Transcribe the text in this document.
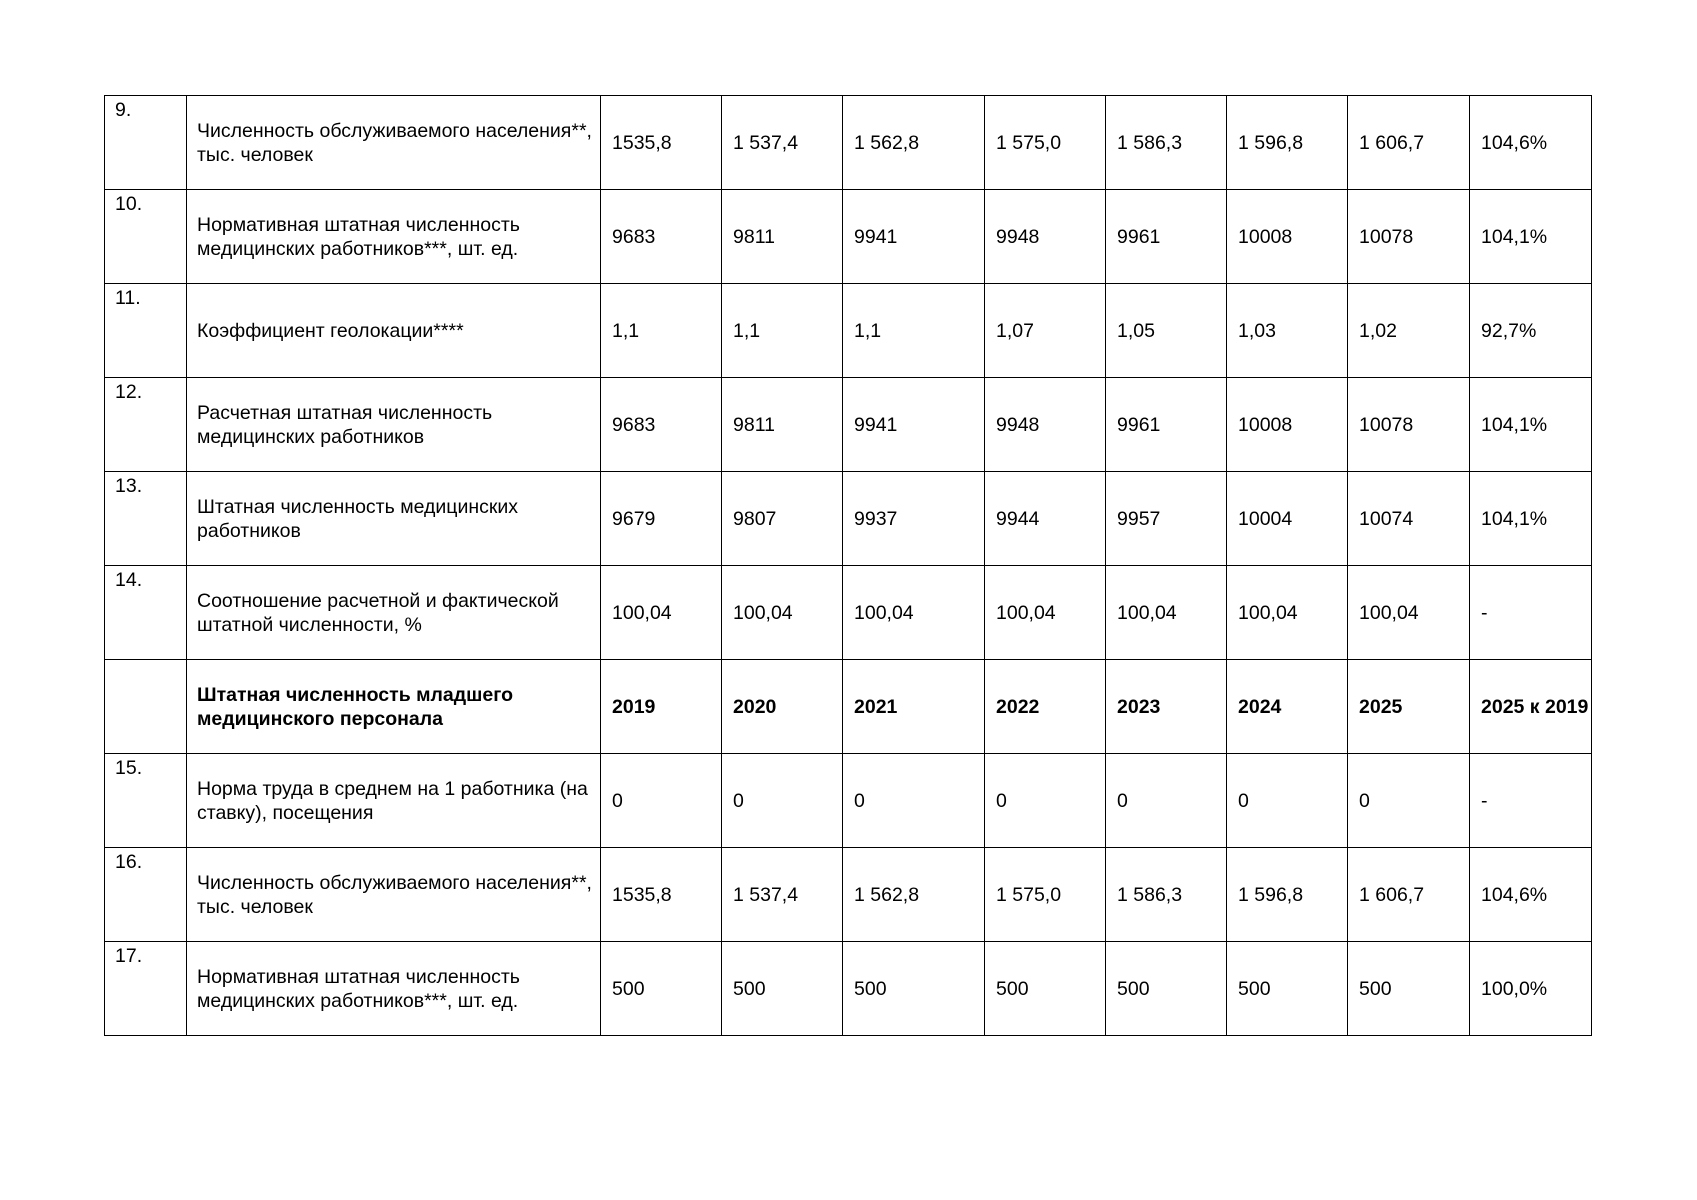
9.	Численность обслуживаемого населения**, тыс. человек	1535,8	1 537,4	1 562,8	1 575,0	1 586,3	1 596,8	1 606,7	104,6%
10.	Нормативная штатная численность медицинских работников***, шт. ед.	9683	9811	9941	9948	9961	10008	10078	104,1%
11.	Коэффициент геолокации****	1,1	1,1	1,1	1,07	1,05	1,03	1,02	92,7%
12.	Расчетная штатная численность медицинских работников	9683	9811	9941	9948	9961	10008	10078	104,1%
13.	Штатная численность медицинских работников	9679	9807	9937	9944	9957	10004	10074	104,1%
14.	Соотношение расчетной и фактической штатной численности, %	100,04	100,04	100,04	100,04	100,04	100,04	100,04	-
	Штатная численность младшего медицинского персонала	2019	2020	2021	2022	2023	2024	2025	2025 к 2019
15.	Норма труда в среднем на 1 работника (на ставку), посещения	0	0	0	0	0	0	0	-
16.	Численность обслуживаемого населения**, тыс. человек	1535,8	1 537,4	1 562,8	1 575,0	1 586,3	1 596,8	1 606,7	104,6%
17.	Нормативная штатная численность медицинских работников***, шт. ед.	500	500	500	500	500	500	500	100,0%
